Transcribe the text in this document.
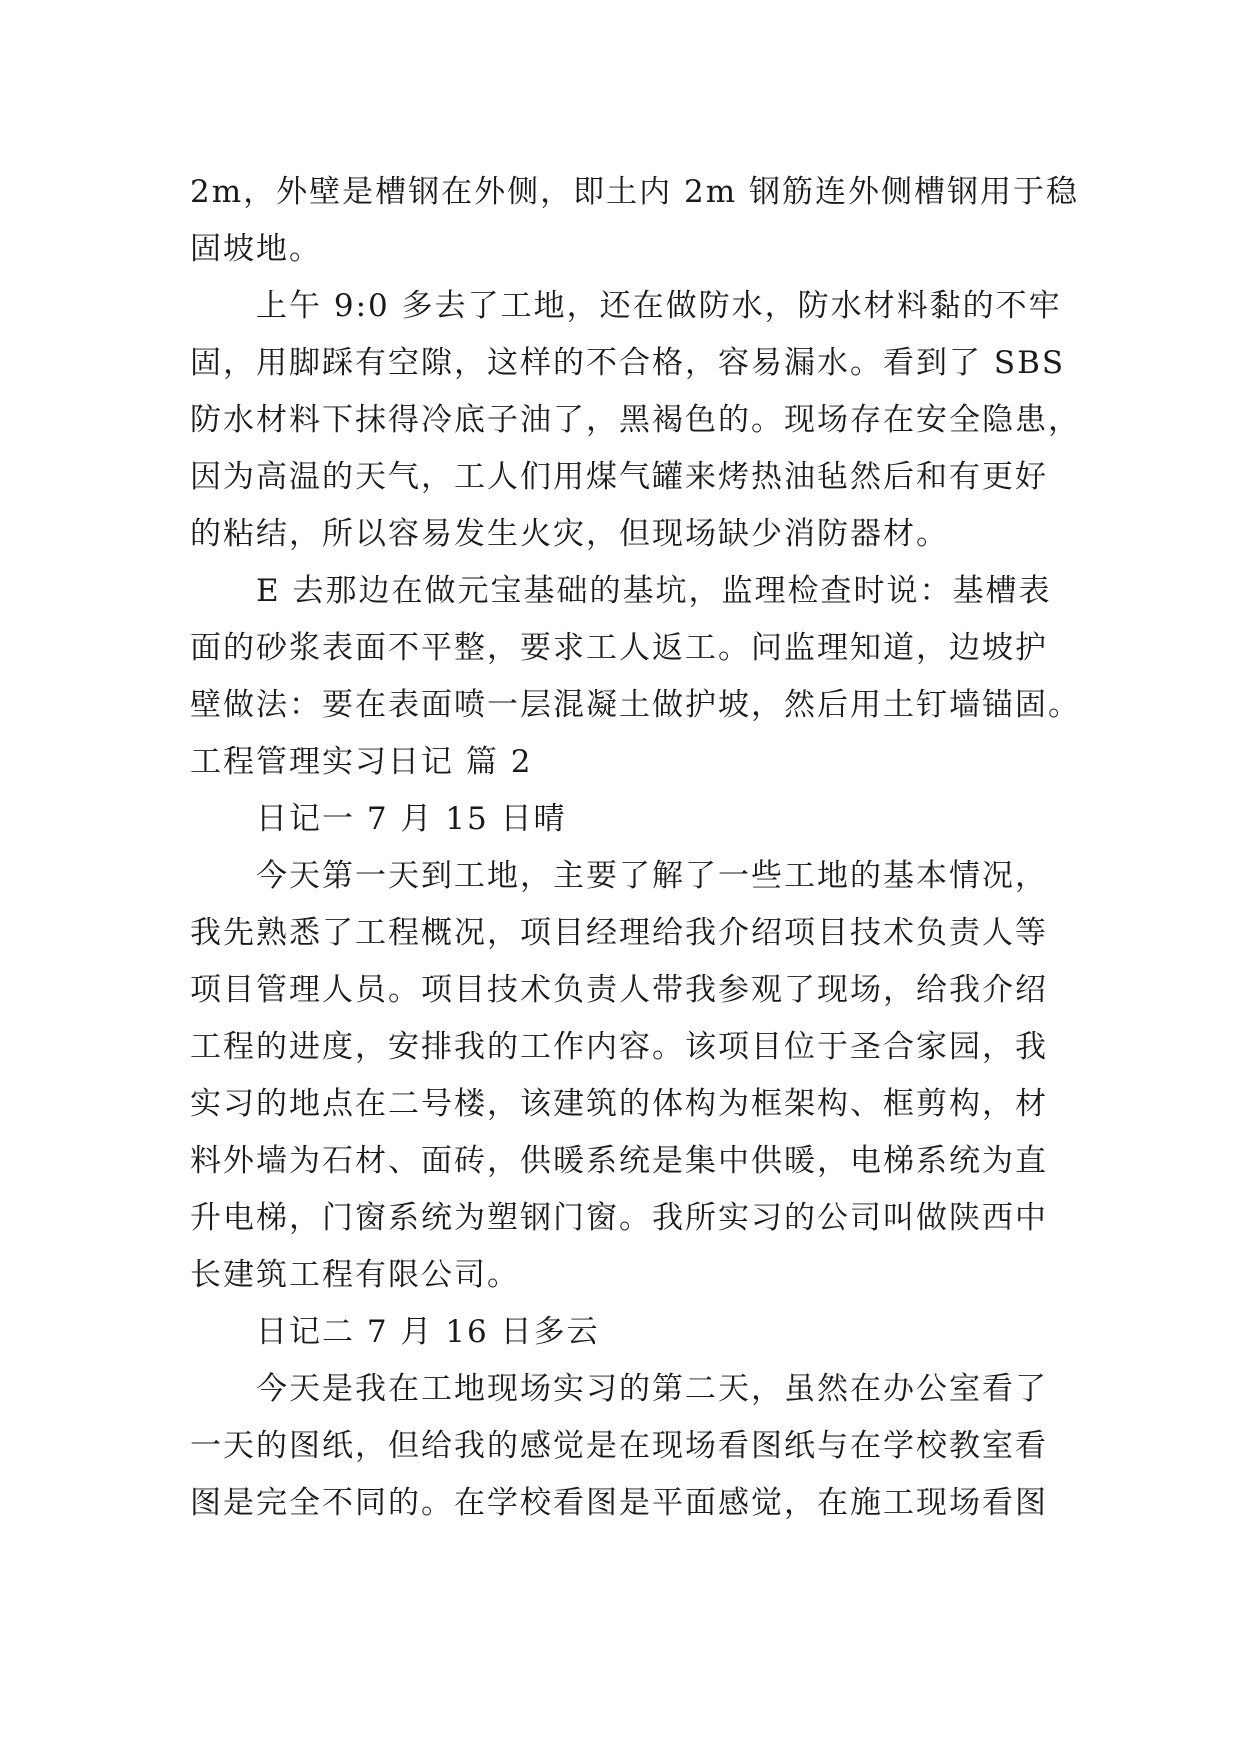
2m，外壁是槽钢在外侧，即土内 2m 钢筋连外侧槽钢用于稳
固坡地。
上午 9:0 多去了工地，还在做防水，防水材料黏的不牢
固，用脚踩有空隙，这样的不合格，容易漏水。看到了 SBS
防水材料下抹得冷底子油了，黑褐色的。现场存在安全隐患，
因为高温的天气，工人们用煤气罐来烤热油毡然后和有更好
的粘结，所以容易发生火灾，但现场缺少消防器材。
E 去那边在做元宝基础的基坑，监理检查时说：基槽表
面的砂浆表面不平整，要求工人返工。问监理知道，边坡护
壁做法：要在表面喷一层混凝土做护坡，然后用土钉墙锚固。
工程管理实习日记 篇 2
日记一 7 月 15 日晴
今天第一天到工地，主要了解了一些工地的基本情况，
我先熟悉了工程概况，项目经理给我介绍项目技术负责人等
项目管理人员。项目技术负责人带我参观了现场，给我介绍
工程的进度，安排我的工作内容。该项目位于圣合家园，我
实习的地点在二号楼，该建筑的体构为框架构、框剪构，材
料外墙为石材、面砖，供暖系统是集中供暖，电梯系统为直
升电梯，门窗系统为塑钢门窗。我所实习的公司叫做陕西中
长建筑工程有限公司。
日记二 7 月 16 日多云
今天是我在工地现场实习的第二天，虽然在办公室看了
一天的图纸，但给我的感觉是在现场看图纸与在学校教室看
图是完全不同的。在学校看图是平面感觉，在施工现场看图
